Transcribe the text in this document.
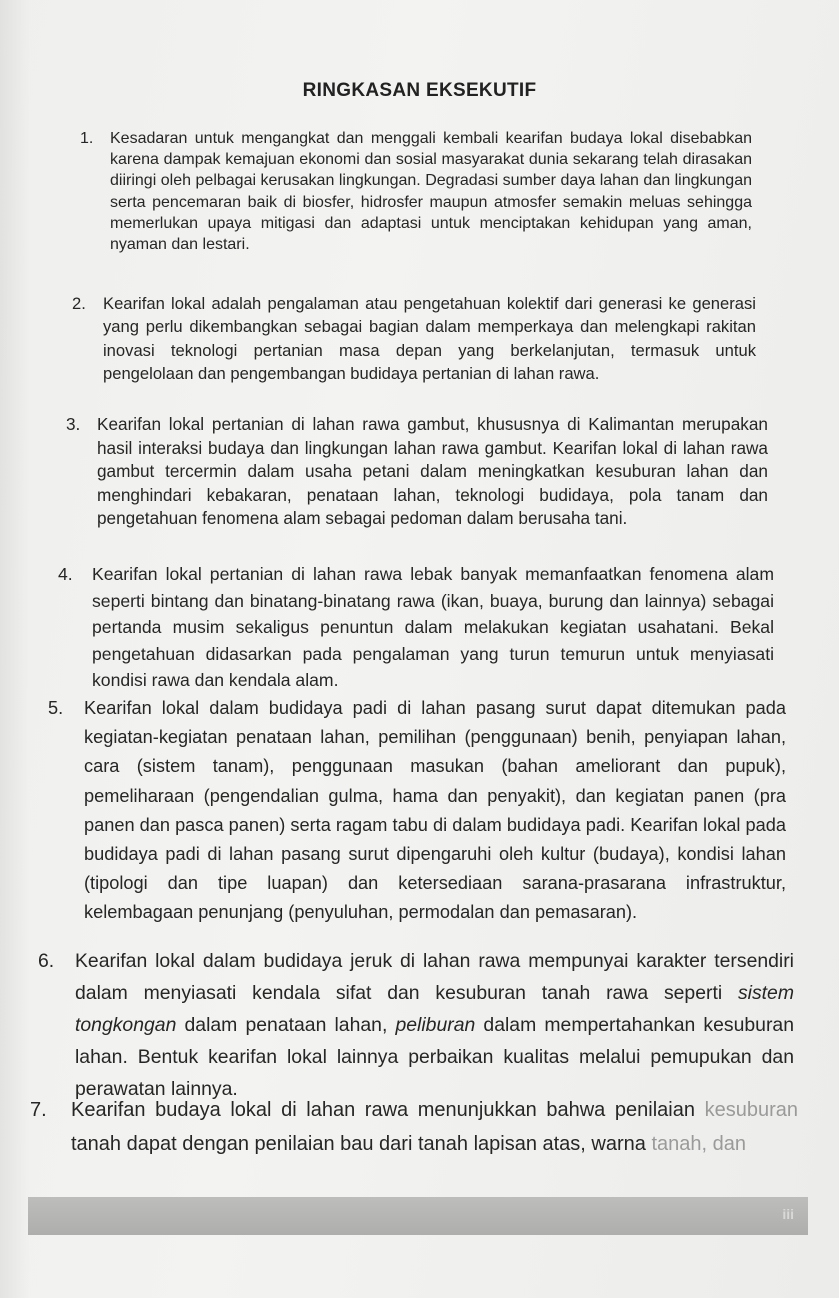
RINGKASAN EKSEKUTIF
1. Kesadaran untuk mengangkat dan menggali kembali kearifan budaya lokal disebabkan karena dampak kemajuan ekonomi dan sosial masyarakat dunia sekarang telah dirasakan diiringi oleh pelbagai kerusakan lingkungan. Degradasi sumber daya lahan dan lingkungan serta pencemaran baik di biosfer, hidrosfer maupun atmosfer semakin meluas sehingga memerlukan upaya mitigasi dan adaptasi untuk menciptakan kehidupan yang aman, nyaman dan lestari.
2. Kearifan lokal adalah pengalaman atau pengetahuan kolektif dari generasi ke generasi yang perlu dikembangkan sebagai bagian dalam memperkaya dan melengkapi rakitan inovasi teknologi pertanian masa depan yang berkelanjutan, termasuk untuk pengelolaan dan pengembangan budidaya pertanian di lahan rawa.
3. Kearifan lokal pertanian di lahan rawa gambut, khususnya di Kalimantan merupakan hasil interaksi budaya dan lingkungan lahan rawa gambut. Kearifan lokal di lahan rawa gambut tercermin dalam usaha petani dalam meningkatkan kesuburan lahan dan menghindari kebakaran, penataan lahan, teknologi budidaya, pola tanam dan pengetahuan fenomena alam sebagai pedoman dalam berusaha tani.
4. Kearifan lokal pertanian di lahan rawa lebak banyak memanfaatkan fenomena alam seperti bintang dan binatang-binatang rawa (ikan, buaya, burung dan lainnya) sebagai pertanda musim sekaligus penuntun dalam melakukan kegiatan usahatani. Bekal pengetahuan didasarkan pada pengalaman yang turun temurun untuk menyiasati kondisi rawa dan kendala alam.
5. Kearifan lokal dalam budidaya padi di lahan pasang surut dapat ditemukan pada kegiatan-kegiatan penataan lahan, pemilihan (penggunaan) benih, penyiapan lahan, cara (sistem tanam), penggunaan masukan (bahan ameliorant dan pupuk), pemeliharaan (pengendalian gulma, hama dan penyakit), dan kegiatan panen (pra panen dan pasca panen) serta ragam tabu di dalam budidaya padi. Kearifan lokal pada budidaya padi di lahan pasang surut dipengaruhi oleh kultur (budaya), kondisi lahan (tipologi dan tipe luapan) dan ketersediaan sarana-prasarana infrastruktur, kelembagaan penunjang (penyuluhan, permodalan dan pemasaran).
6. Kearifan lokal dalam budidaya jeruk di lahan rawa mempunyai karakter tersendiri dalam menyiasati kendala sifat dan kesuburan tanah rawa seperti sistem tongkongan dalam penataan lahan, peliburan dalam mempertahankan kesuburan lahan. Bentuk kearifan lokal lainnya perbaikan kualitas melalui pemupukan dan perawatan lainnya.
7. Kearifan budaya lokal di lahan rawa menunjukkan bahwa penilaian kesuburan tanah dapat dengan penilaian bau dari tanah lapisan atas, warna tanah, dan
iii
